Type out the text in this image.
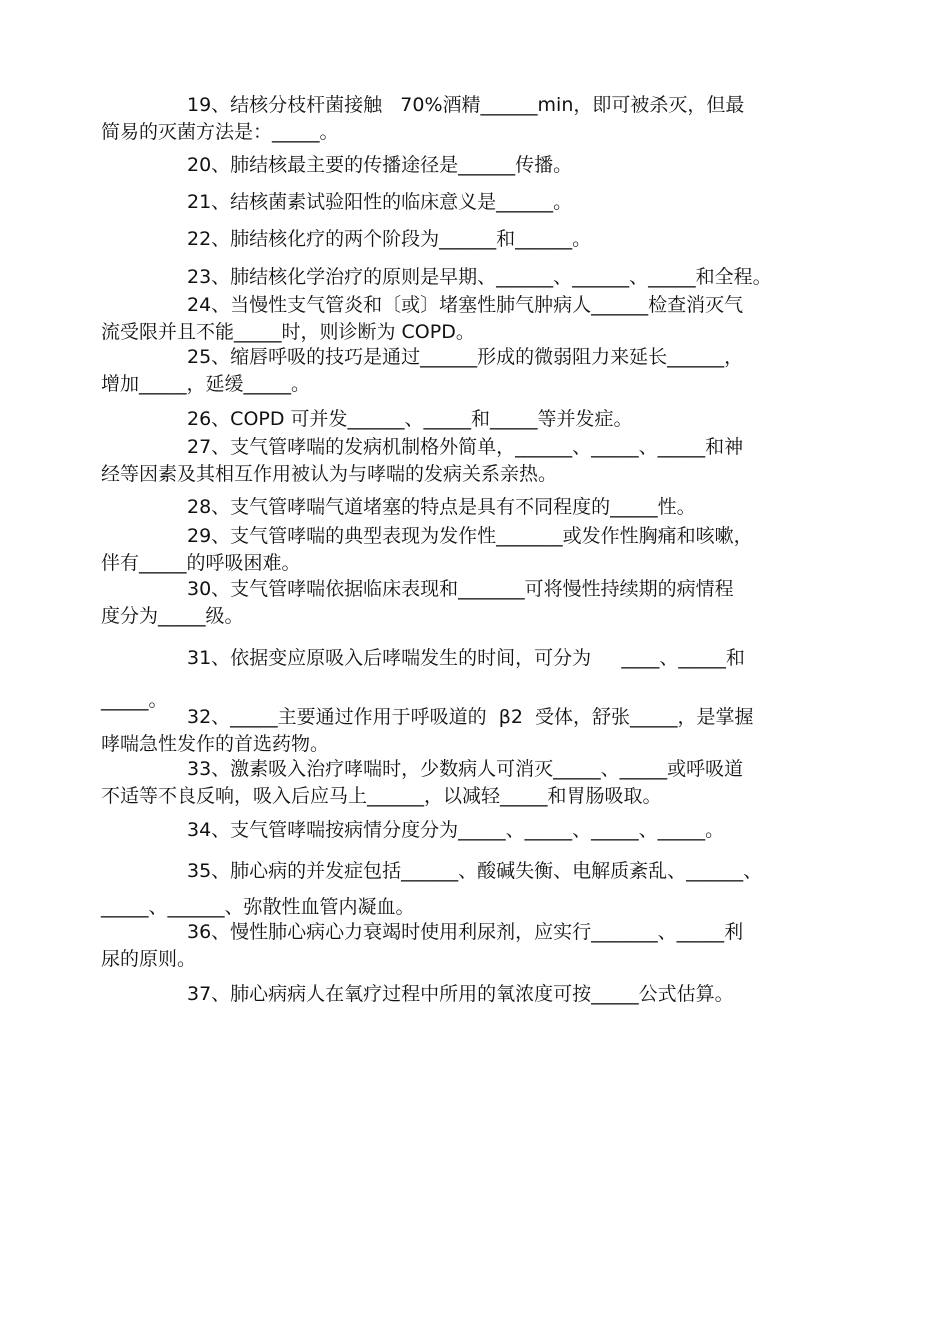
19、结核分枝杆菌接触   70%酒精______min，即可被杀灭，但最
简易的灭菌方法是：_____。

20、肺结核最主要的传播途径是______传播。

21、结核菌素试验阳性的临床意义是______。

22、肺结核化疗的两个阶段为______和______。

23、肺结核化学治疗的原则是早期、______、______、_____和全程。

24、当慢性支气管炎和〔或〕堵塞性肺气肿病人______检查消灭气
流受限并且不能_____时，则诊断为 COPD。

25、缩唇呼吸的技巧是通过______形成的微弱阻力来延长______，
增加_____，延缓_____。

26、COPD 可并发______、_____和_____等并发症。

27、支气管哮喘的发病机制格外简单，______、_____、_____和神
经等因素及其相互作用被认为与哮喘的发病关系亲热。

28、支气管哮喘气道堵塞的特点是具有不同程度的_____性。

29、支气管哮喘的典型表现为发作性_______或发作性胸痛和咳嗽，
伴有_____的呼吸困难。

30、支气管哮喘依据临床表现和_______可将慢性持续期的病情程
度分为_____级。

31、依据变应原吸入后哮喘发生的时间，可分为     ____、_____和
_____。

32、_____主要通过作用于呼吸道的  β2  受体，舒张_____，是掌握
哮喘急性发作的首选药物。

33、激素吸入治疗哮喘时，少数病人可消灭_____、_____或呼吸道
不适等不良反响，吸入后应马上______，以减轻_____和胃肠吸取。

34、支气管哮喘按病情分度分为_____、_____、_____、_____。

35、肺心病的并发症包括______、酸碱失衡、电解质紊乱、______、
_____、______、弥散性血管内凝血。

36、慢性肺心病心力衰竭时使用利尿剂，应实行_______、_____利
尿的原则。

37、肺心病病人在氧疗过程中所用的氧浓度可按_____公式估算。
